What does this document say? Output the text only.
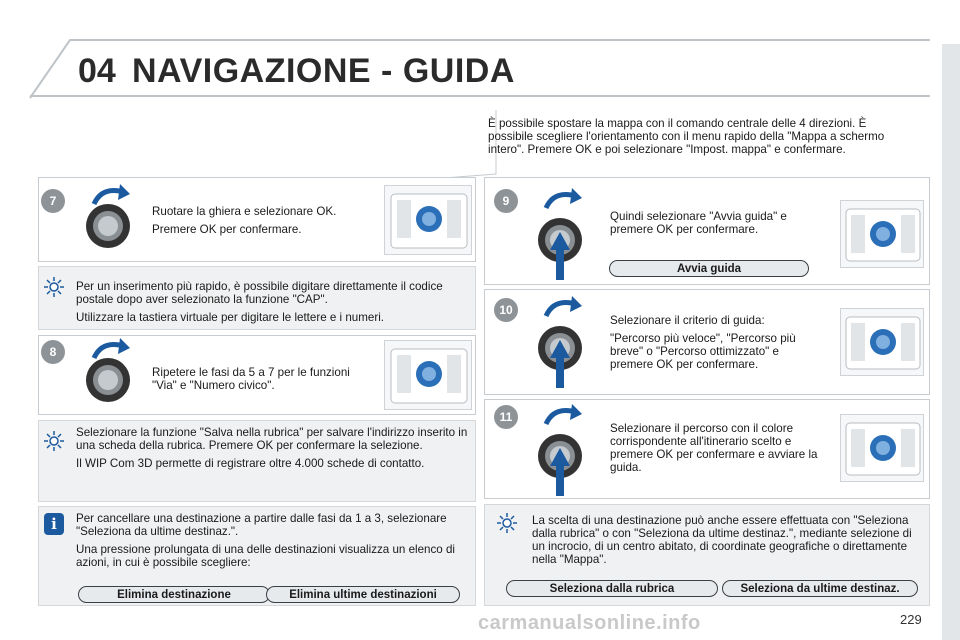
04 NAVIGAZIONE - GUIDA
È possibile spostare la mappa con il comando centrale delle 4 direzioni. È possibile scegliere l'orientamento con il menu rapido della "Mappa a schermo intero". Premere OK e poi selezionare "Impost. mappa" e confermare.
7

Ruotare la ghiera e selezionare OK.

Premere OK per confermare.

Per un inserimento più rapido, è possibile digitare direttamente il codice postale dopo aver selezionato la funzione "CAP".

Utilizzare la tastiera virtuale per digitare le lettere e i numeri.

8

Ripetere le fasi da 5 a 7 per le funzioni "Via" e "Numero civico".

Selezionare la funzione "Salva nella rubrica" per salvare l'indirizzo inserito in una scheda della rubrica. Premere OK per confermare la selezione.

Il WIP Com 3D permette di registrare oltre 4.000 schede di contatto.

i	Per cancellare una destinazione a partire dalle fasi da 1 a 3, selezionare "Seleziona da ultime destinaz.".

Una pressione prolungata di una delle destinazioni visualizza un elenco di azioni, in cui è possibile scegliere:

Elimina destinazione	Elimina ultime destinazioni
9

Quindi selezionare "Avvia guida" e premere OK per confermare.

Avvia guida
10

Selezionare il criterio di guida:

"Percorso più veloce", "Percorso più breve" o "Percorso ottimizzato" e premere OK per confermare.

11

Selezionare il percorso con il colore corrispondente all'itinerario scelto e premere OK per confermare e avviare la guida.

La scelta di una destinazione può anche essere effettuata con "Seleziona dalla rubrica" o con "Seleziona da ultime destinaz.", mediante selezione di un incrocio, di un centro abitato, di coordinate geografiche o direttamente nella "Mappa".

Seleziona dalla rubrica	Seleziona da ultime destinaz.
carmanualsonline.info	229
